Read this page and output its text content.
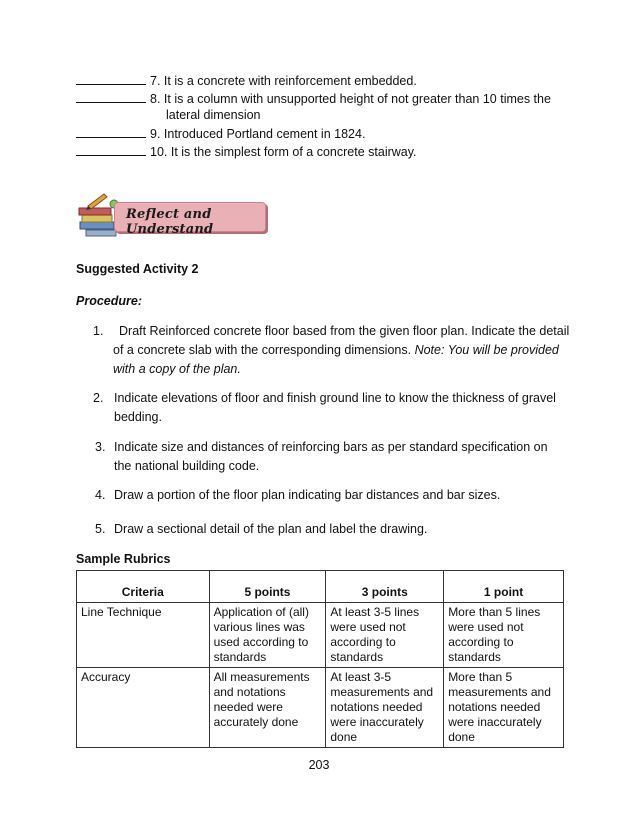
7. It is a concrete with reinforcement embedded.
8. It is a column with unsupported height of not greater than 10 times the
lateral dimension
9. Introduced Portland cement in 1824.
10. It is the simplest form of a concrete stairway.
Reflect and Understand
Suggested Activity 2
Procedure:
1. Draft Reinforced concrete floor based from the given floor plan. Indicate the detail
of a concrete slab with the corresponding dimensions. Note: You will be provided
with a copy of the plan.
2. Indicate elevations of floor and finish ground line to know the thickness of gravel
bedding.
3. Indicate size and distances of reinforcing bars as per standard specification on
the national building code.
4. Draw a portion of the floor plan indicating bar distances and bar sizes.
5. Draw a sectional detail of the plan and label the drawing.
Sample Rubrics
Criteria	5 points	3 points	1 point
Line Technique	Application of (all) various lines was used according to standards	At least 3-5 lines were used not according to standards	More than 5 lines were used not according to standards
Accuracy	All measurements and notations needed were accurately done	At least 3-5 measurements and notations needed were inaccurately done	More than 5 measurements and notations needed were inaccurately done
203
